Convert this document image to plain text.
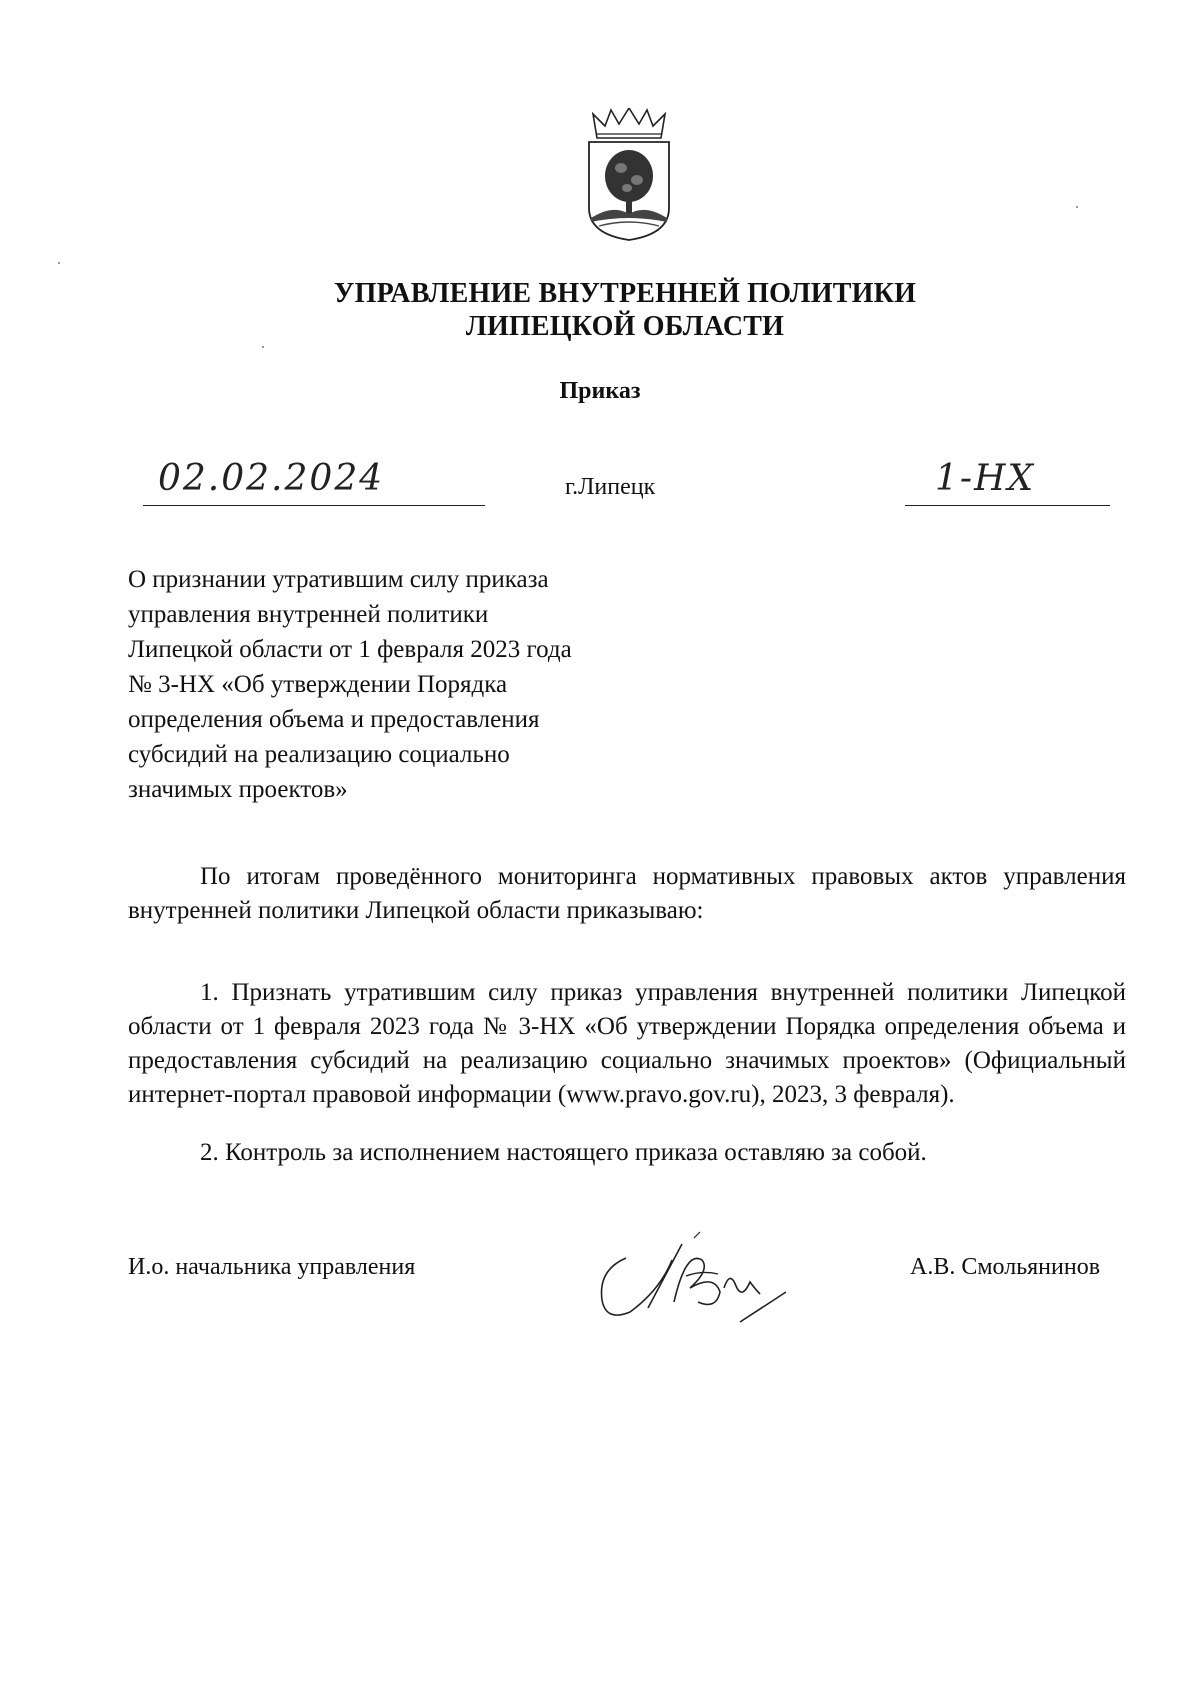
УПРАВЛЕНИЕ ВНУТРЕННЕЙ ПОЛИТИКИ
ЛИПЕЦКОЙ ОБЛАСТИ
Приказ
02.02.2024	г.Липецк	1-НХ
О признании утратившим силу приказа
управления внутренней политики
Липецкой области от 1 февраля 2023 года
№ 3-НХ «Об утверждении Порядка
определения объема и предоставления
субсидий на реализацию социально
значимых проектов»
По итогам проведённого мониторинга нормативных правовых актов управления внутренней политики Липецкой области приказываю:
1. Признать утратившим силу приказ управления внутренней политики Липецкой области от 1 февраля 2023 года № 3-НХ «Об утверждении Порядка определения объема и предоставления субсидий на реализацию социально значимых проектов» (Официальный интернет-портал правовой информации (www.pravo.gov.ru), 2023, 3 февраля).
2. Контроль за исполнением настоящего приказа оставляю за собой.
И.о. начальника управления	А.В. Смольянинов
